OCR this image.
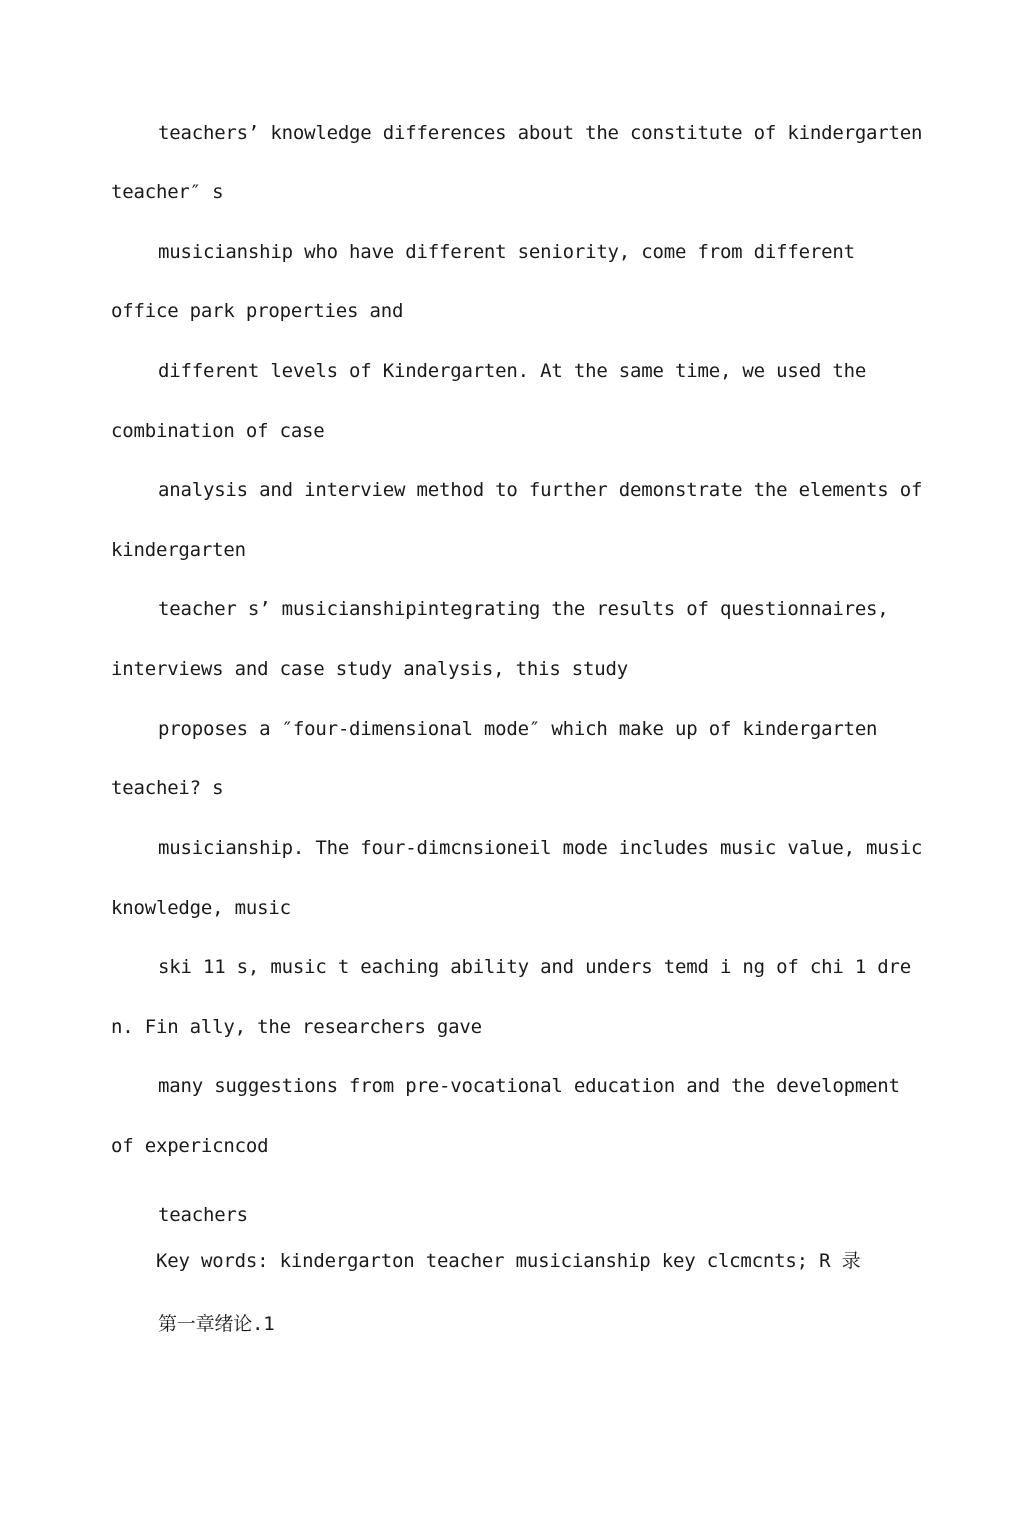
teachers’ knowledge differences about the constitute of kindergarten
teacher″ s
musicianship who have different seniority, come from different
office park properties and
different levels of Kindergarten. At the same time, we used the
combination of case
analysis and interview method to further demonstrate the elements of
kindergarten
teacher s’ musicianshipintegrating the results of questionnaires,
interviews and case study analysis, this study
proposes a ″four-dimensional mode″ which make up of kindergarten
teachei? s
musicianship. The four-dimcnsioneil mode includes music value, music
knowledge, music
ski 11 s, music t eaching ability and unders temd i ng of chi 1 dre
n. Fin ally, the researchers gave
many suggestions from pre-vocational education and the development
of expericncod
teachers
Key words: kindergarton teacher musicianship key clcmcnts; R 录
第一章绪论.1
